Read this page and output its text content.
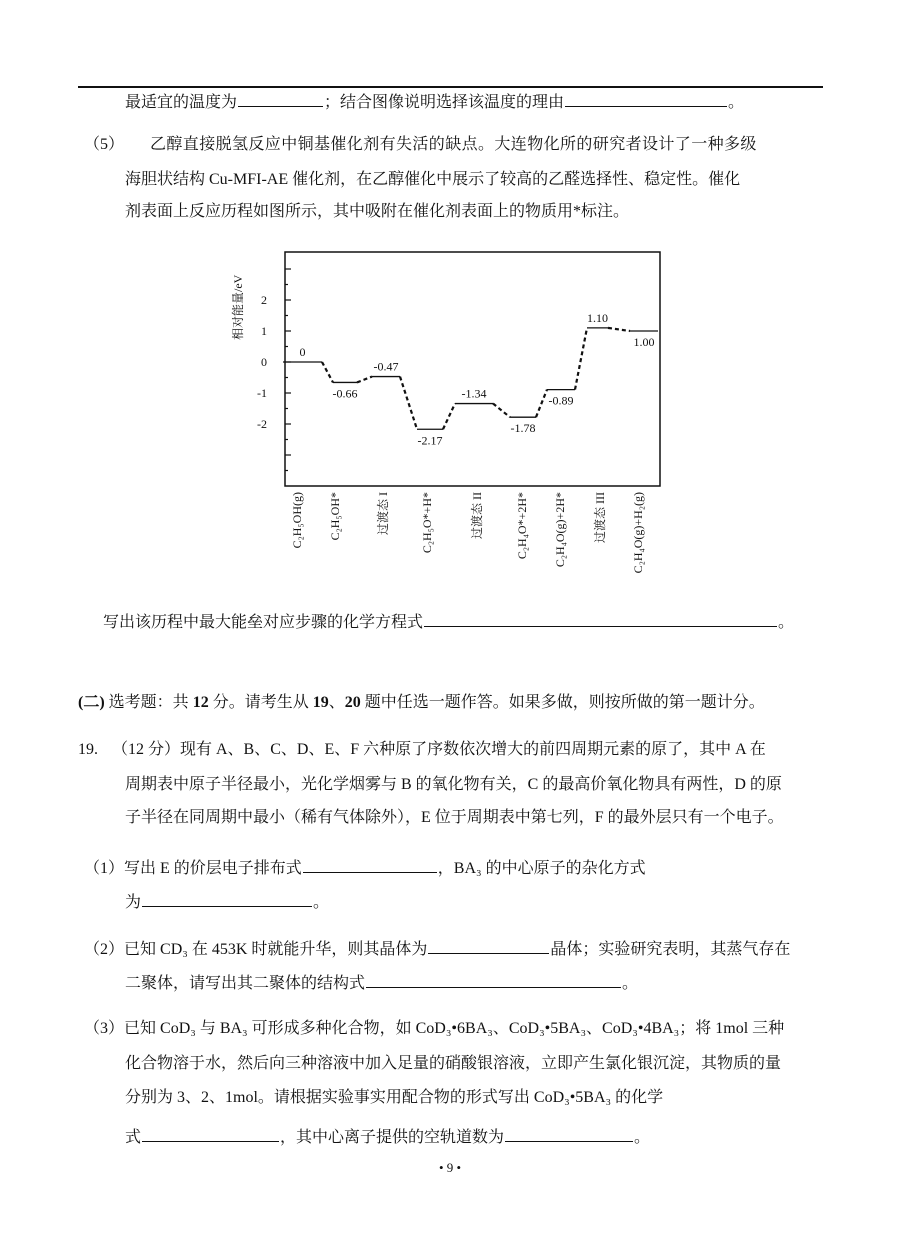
最适宜的温度为	；结合图像说明选择该温度的理由	。
（5） 乙醇直接脱氢反应中铜基催化剂有失活的缺点。大连物化所的研究者设计了一种多级
海胆状结构 Cu-MFI-AE 催化剂，在乙醇催化中展示了较高的乙醛选择性、稳定性。催化
剂表面上反应历程如图所示，其中吸附在催化剂表面上的物质用*标注。
2
1
0
-1
-2
0
-0.66
-0.47
-2.17
-1.34
-1.78
-0.89
1.10
1.00
C₂H₅OH(g) C₂H₅OH*	过渡态 I	C₂H₅O*+H*	过渡态 II	C₂H₄O*+2H* C₂H₄O(g)+2H* 过渡态 III C₂H₄O(g)+H₂(g)
相对能量/eV
写出该历程中最大能垒对应步骤的化学方程式	。
(二) 选考题：共 12 分。请考生从 19、20 题中任选一题作答。如果多做，则按所做的第一题计分。
19. （12 分）现有 A、B、C、D、E、F 六种原了序数依次增大的前四周期元素的原了，其中 A 在
周期表中原子半径最小，光化学烟雾与 B 的氧化物有关，C 的最高价氧化物具有两性，D 的原
子半径在同周期中最小（稀有气体除外），E 位于周期表中第七列，F 的最外层只有一个电子。
（1）写出 E 的价层电子排布式	，BA₃ 的中心原子的杂化方式
为	。
（2）已知 CD₃ 在 453K 时就能升华，则其晶体为	晶体；实验研究表明，其蒸气存在
二聚体，请写出其二聚体的结构式	。
（3）已知 CoD₃ 与 BA₃ 可形成多种化合物，如 CoD₃•6BA₃、CoD₃•5BA₃、CoD₃•4BA₃；将 1mol 三种
化合物溶于水，然后向三种溶液中加入足量的硝酸银溶液，立即产生氯化银沉淀，其物质的量
分别为 3、2、1mol。请根据实验事实用配合物的形式写出 CoD₃•5BA₃ 的化学
式	，其中心离子提供的空轨道数为	。
• 9 •
